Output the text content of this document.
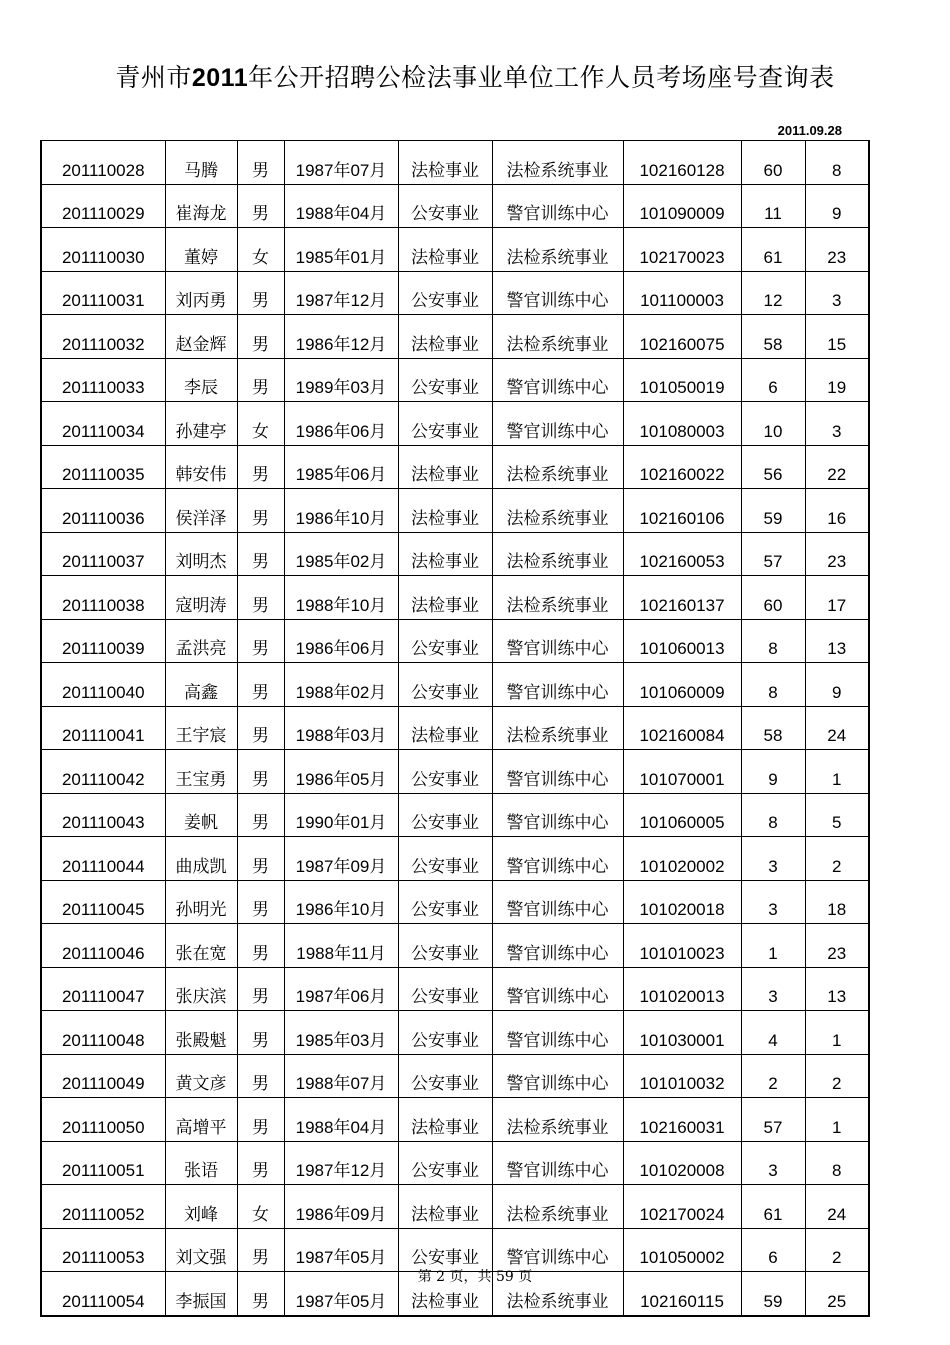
青州市2011年公开招聘公检法事业单位工作人员考场座号查询表
2011.09.28
201110028	马腾	男	1987年07月	法检事业	法检系统事业	102160128	60	8
201110029	崔海龙	男	1988年04月	公安事业	警官训练中心	101090009	11	9
201110030	董婷	女	1985年01月	法检事业	法检系统事业	102170023	61	23
201110031	刘丙勇	男	1987年12月	公安事业	警官训练中心	101100003	12	3
201110032	赵金辉	男	1986年12月	法检事业	法检系统事业	102160075	58	15
201110033	李辰	男	1989年03月	公安事业	警官训练中心	101050019	6	19
201110034	孙建亭	女	1986年06月	公安事业	警官训练中心	101080003	10	3
201110035	韩安伟	男	1985年06月	法检事业	法检系统事业	102160022	56	22
201110036	侯洋泽	男	1986年10月	法检事业	法检系统事业	102160106	59	16
201110037	刘明杰	男	1985年02月	法检事业	法检系统事业	102160053	57	23
201110038	寇明涛	男	1988年10月	法检事业	法检系统事业	102160137	60	17
201110039	孟洪亮	男	1986年06月	公安事业	警官训练中心	101060013	8	13
201110040	高鑫	男	1988年02月	公安事业	警官训练中心	101060009	8	9
201110041	王宇宸	男	1988年03月	法检事业	法检系统事业	102160084	58	24
201110042	王宝勇	男	1986年05月	公安事业	警官训练中心	101070001	9	1
201110043	姜帆	男	1990年01月	公安事业	警官训练中心	101060005	8	5
201110044	曲成凯	男	1987年09月	公安事业	警官训练中心	101020002	3	2
201110045	孙明光	男	1986年10月	公安事业	警官训练中心	101020018	3	18
201110046	张在宽	男	1988年11月	公安事业	警官训练中心	101010023	1	23
201110047	张庆滨	男	1987年06月	公安事业	警官训练中心	101020013	3	13
201110048	张殿魁	男	1985年03月	公安事业	警官训练中心	101030001	4	1
201110049	黄文彦	男	1988年07月	公安事业	警官训练中心	101010032	2	2
201110050	高增平	男	1988年04月	法检事业	法检系统事业	102160031	57	1
201110051	张语	男	1987年12月	公安事业	警官训练中心	101020008	3	8
201110052	刘峰	女	1986年09月	法检事业	法检系统事业	102170024	61	24
201110053	刘文强	男	1987年05月	公安事业	警官训练中心	101050002	6	2
201110054	李振国	男	1987年05月	法检事业	法检系统事业	102160115	59	25
第 2 页，共 59 页
